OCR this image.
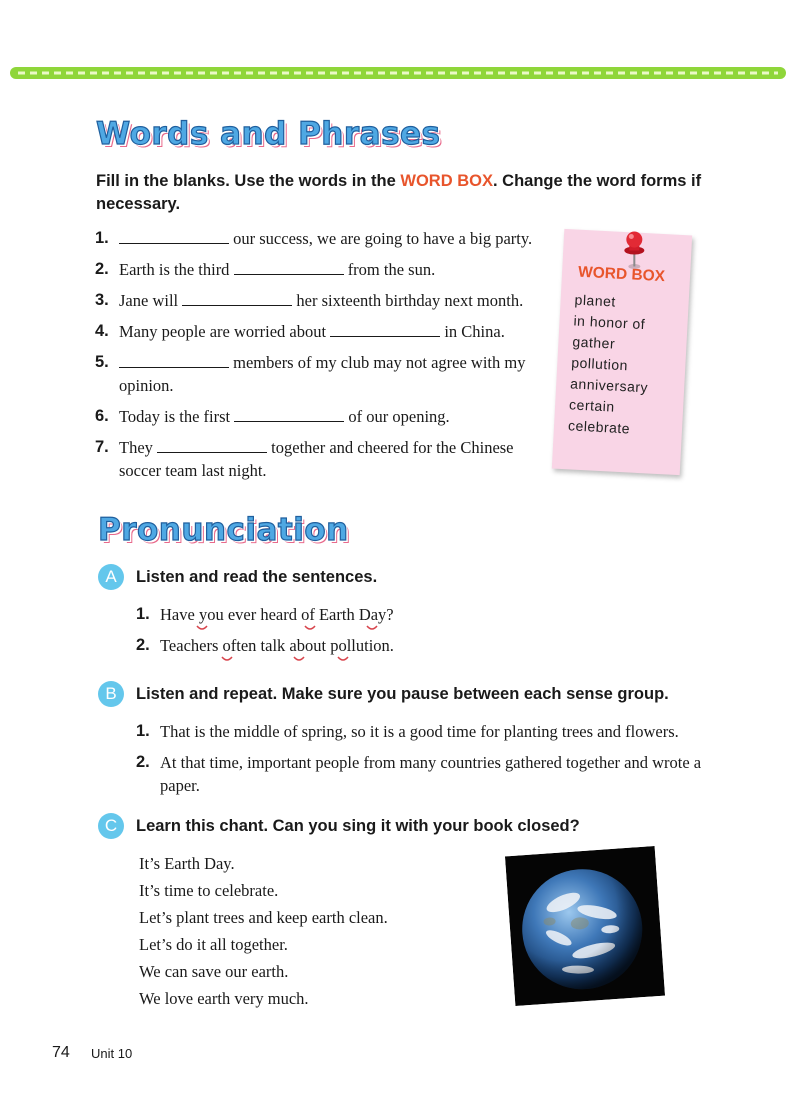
Words and Phrases

Fill in the blanks. Use the words in the WORD BOX. Change the word forms if necessary.

1.	our success, we are going to have a big party.
2. Earth is the third	from the sun.
3. Jane will	her sixteenth birthday next month.
4. Many people are worried about	in China.
5.	members of my club may not agree with my opinion.
6. Today is the first	of our opening.
7. They	together and cheered for the Chinese soccer team last night.

WORD BOX

planet
in honor of
gather
pollution
anniversary
certain
celebrate
Pronunciation
A	Listen and read the sentences.
1. Have you ever heard of Earth Day?
2. Teachers often talk about pollution.
B	Listen and repeat. Make sure you pause between each sense group.
1. That is the middle of spring, so it is a good time for planting trees and flowers.
2. At that time, important people from many countries gathered together and wrote a paper.
C	Learn this chant. Can you sing it with your book closed?
It’s Earth Day.
It’s time to celebrate.
Let’s plant trees and keep earth clean.
Let’s do it all together.
We can save our earth.
We love earth very much.
74 Unit 10
